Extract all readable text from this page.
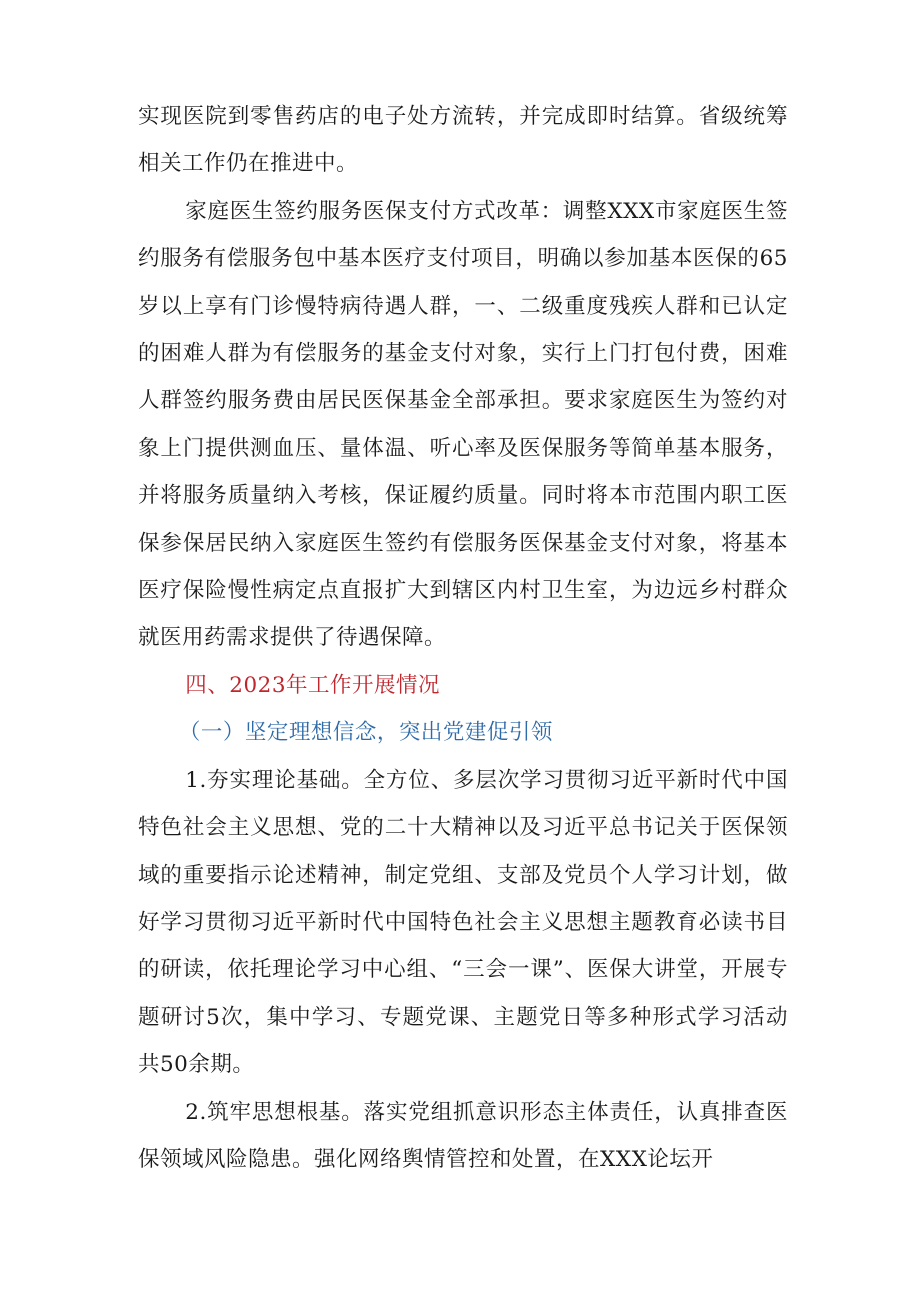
实现医院到零售药店的电子处方流转，并完成即时结算。省级统筹相关工作仍在推进中。

家庭医生签约服务医保支付方式改革：调整XXX市家庭医生签约服务有偿服务包中基本医疗支付项目，明确以参加基本医保的65岁以上享有门诊慢特病待遇人群，一、二级重度残疾人群和已认定的困难人群为有偿服务的基金支付对象，实行上门打包付费，困难人群签约服务费由居民医保基金全部承担。要求家庭医生为签约对象上门提供测血压、量体温、听心率及医保服务等简单基本服务，并将服务质量纳入考核，保证履约质量。同时将本市范围内职工医保参保居民纳入家庭医生签约有偿服务医保基金支付对象，将基本医疗保险慢性病定点直报扩大到辖区内村卫生室，为边远乡村群众就医用药需求提供了待遇保障。

四、2023年工作开展情况

（一）坚定理想信念，突出党建促引领

1.夯实理论基础。全方位、多层次学习贯彻习近平新时代中国特色社会主义思想、党的二十大精神以及习近平总书记关于医保领域的重要指示论述精神，制定党组、支部及党员个人学习计划，做好学习贯彻习近平新时代中国特色社会主义思想主题教育必读书目的研读，依托理论学习中心组、“三会一课”、医保大讲堂，开展专题研讨5次，集中学习、专题党课、主题党日等多种形式学习活动共50余期。

2.筑牢思想根基。落实党组抓意识形态主体责任，认真排查医保领域风险隐患。强化网络舆情管控和处置，在XXX论坛开
